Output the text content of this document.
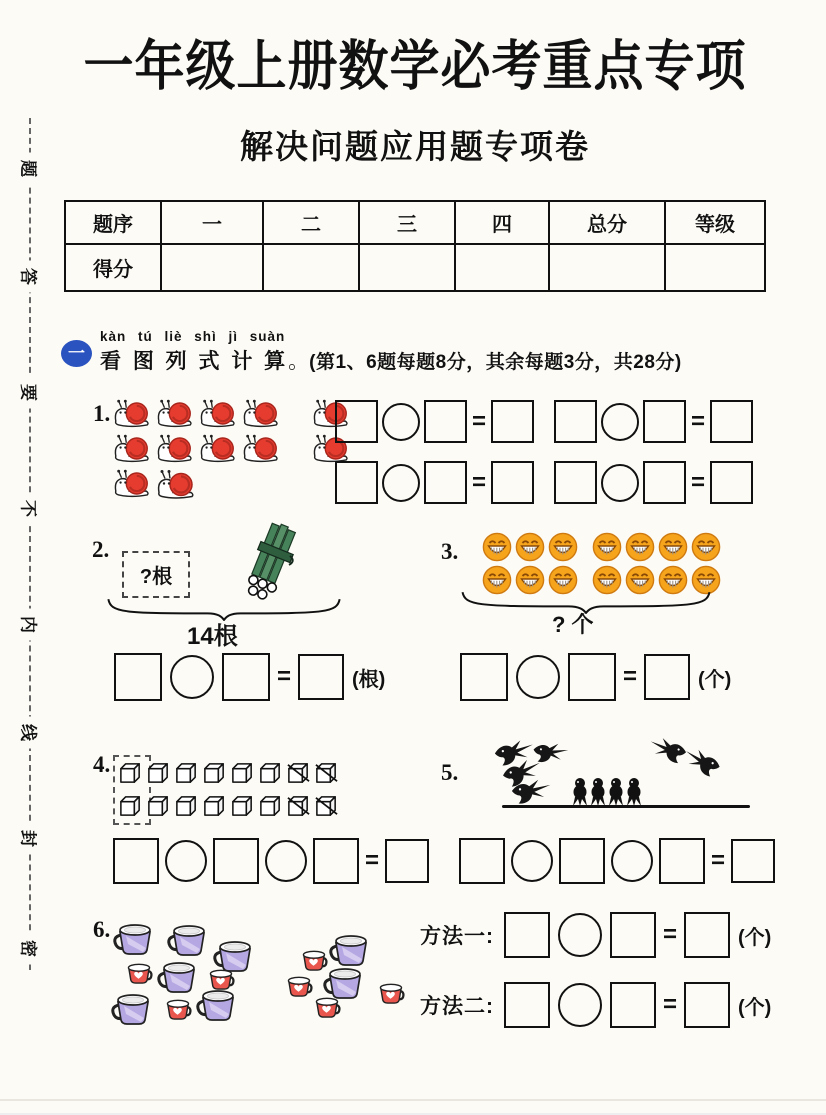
题
答
要
不
内
线
封
密
一年级上册数学必考重点专项
解决问题应用题专项卷
题序	一	二	三	四	总分	等级
得分						
一
kàn tú liè shì jì suàn
看 图 列 式 计 算。(第1、6题每题8分，其余每题3分，共28分)
1.	=	=
=	=
2.
?根
14根
=	(根)
3.
? 个
=	(个)
4.
=
5.
=
6.	方法一:	=	(个)
方法二:	=	(个)
